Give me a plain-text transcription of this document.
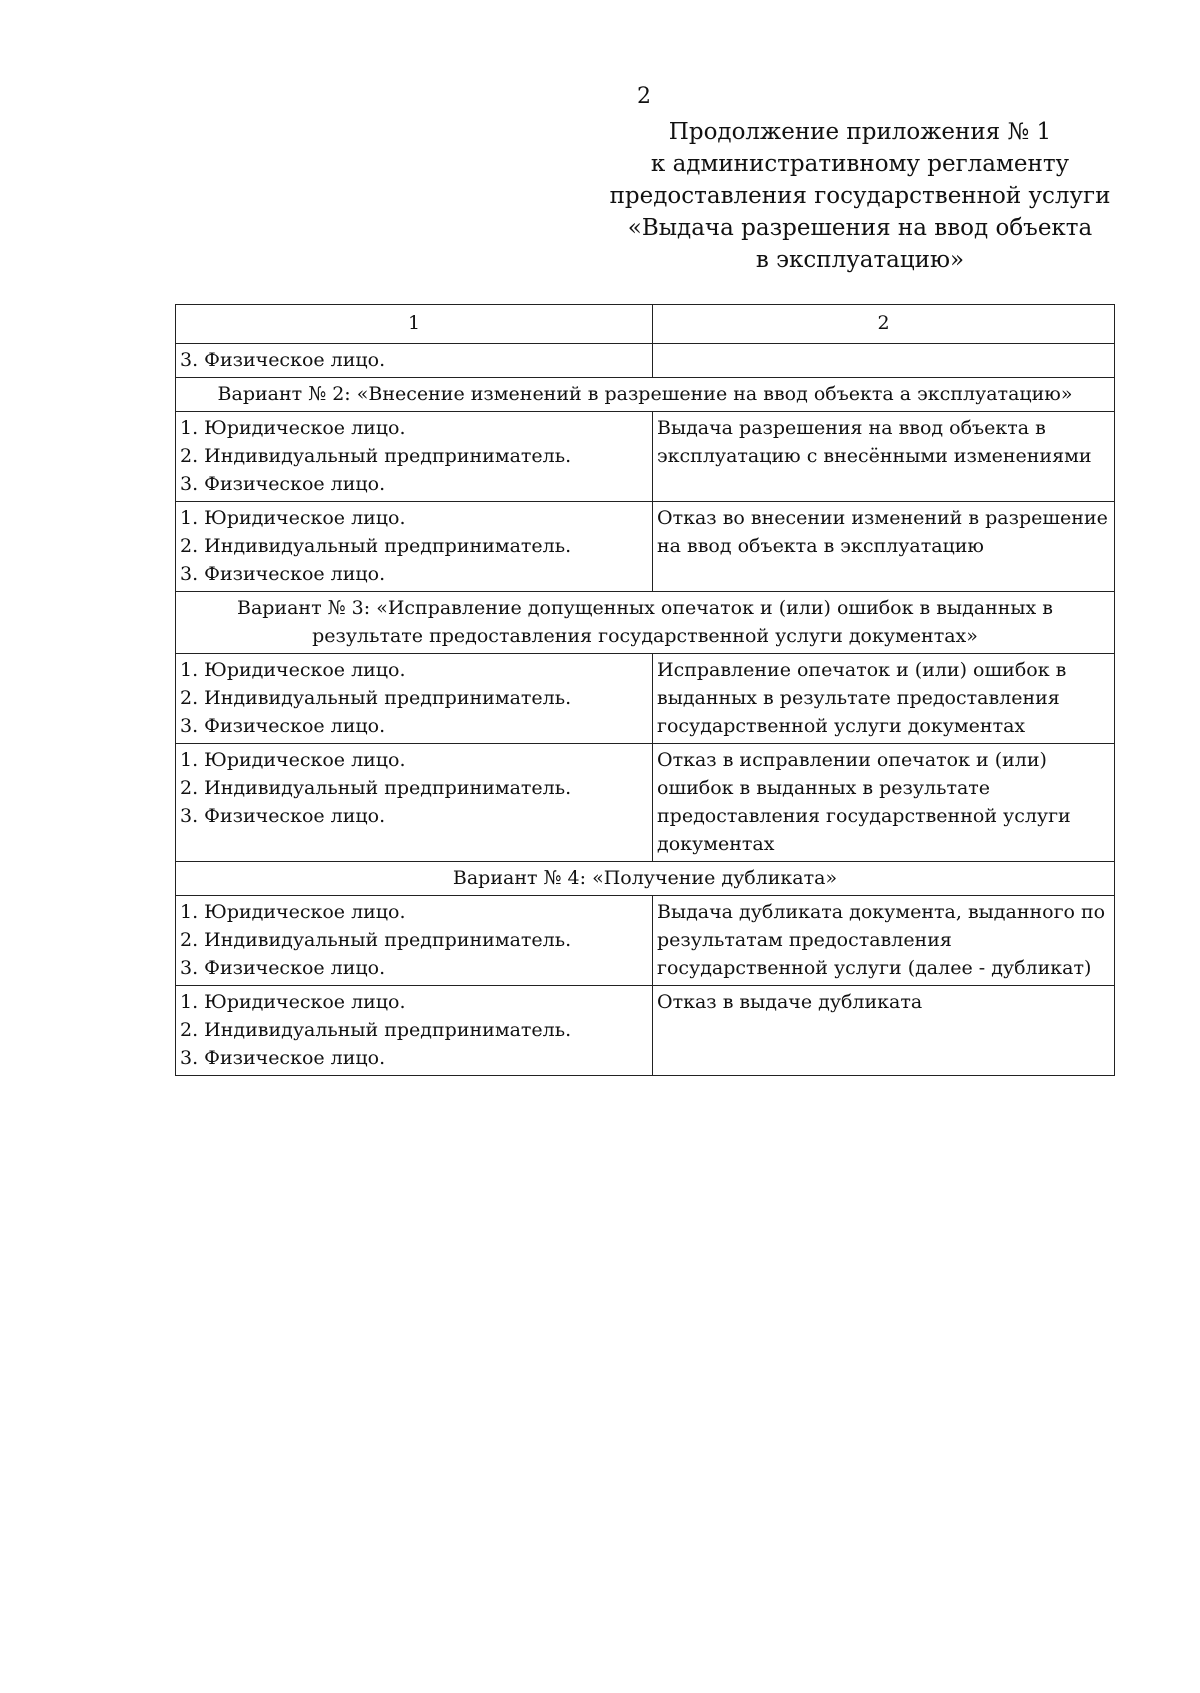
2
Продолжение приложения № 1
к административному регламенту
предоставления государственной услуги
«Выдача разрешения на ввод объекта
в эксплуатацию»
1	2
3. Физическое лицо.	
Вариант № 2: «Внесение изменений в разрешение на ввод объекта а эксплуатацию»	

1. Юридическое лицо.
2. Индивидуальный предприниматель.
3. Физическое лицо.	Выдача разрешения на ввод объекта в эксплуатацию с внесёнными изменениями

1. Юридическое лицо.
2. Индивидуальный предприниматель.
3. Физическое лицо.	Отказ во внесении изменений в разрешение на ввод объекта в эксплуатацию

Вариант № 3: «Исправление допущенных опечаток и (или) ошибок в выданных в результате предоставления государственной услуги документах»	

1. Юридическое лицо.
2. Индивидуальный предприниматель.
3. Физическое лицо.	Исправление опечаток и (или) ошибок в выданных в результате предоставления государственной услуги документах

1. Юридическое лицо.
2. Индивидуальный предприниматель.
3. Физическое лицо.	Отказ в исправлении опечаток и (или) ошибок в выданных в результате предоставления государственной услуги документах

Вариант № 4: «Получение дубликата»	

1. Юридическое лицо.
2. Индивидуальный предприниматель.
3. Физическое лицо.	Выдача дубликата документа, выданного по результатам предоставления государственной услуги (далее - дубликат)

1. Юридическое лицо.
2. Индивидуальный предприниматель.
3. Физическое лицо.	Отказ в выдаче дубликата
